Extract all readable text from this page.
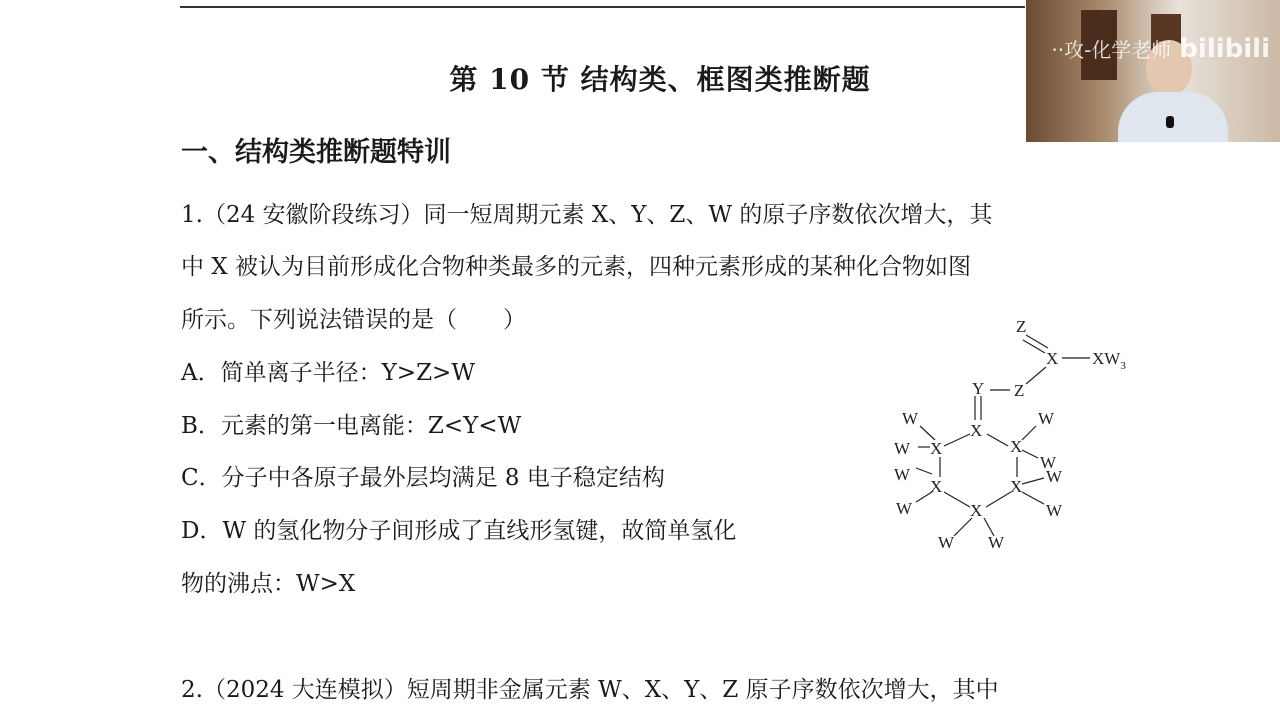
第 10 节 结构类、框图类推断题
一、结构类推断题特训
1.（24 安徽阶段练习）同一短周期元素 X、Y、Z、W 的原子序数依次增大，其
中 X 被认为目前形成化合物种类最多的元素，四种元素形成的某种化合物如图
所示。下列说法错误的是（　　）
A．简单离子半径：Y>Z>W
B．元素的第一电离能：Z<Y<W
C．分子中各原子最外层均满足 8 电子稳定结构
D．W 的氢化物分子间形成了直线形氢键，故简单氢化
物的沸点：W>X
2.（2024 大连模拟）短周期非金属元素 W、X、Y、Z 原子序数依次增大，其中
Z
X $XW_3$
Y Z
X
X	X
X	X
X
W
W
W
W
W
W
W
W
W W
··攻-化学老师 bilibili
